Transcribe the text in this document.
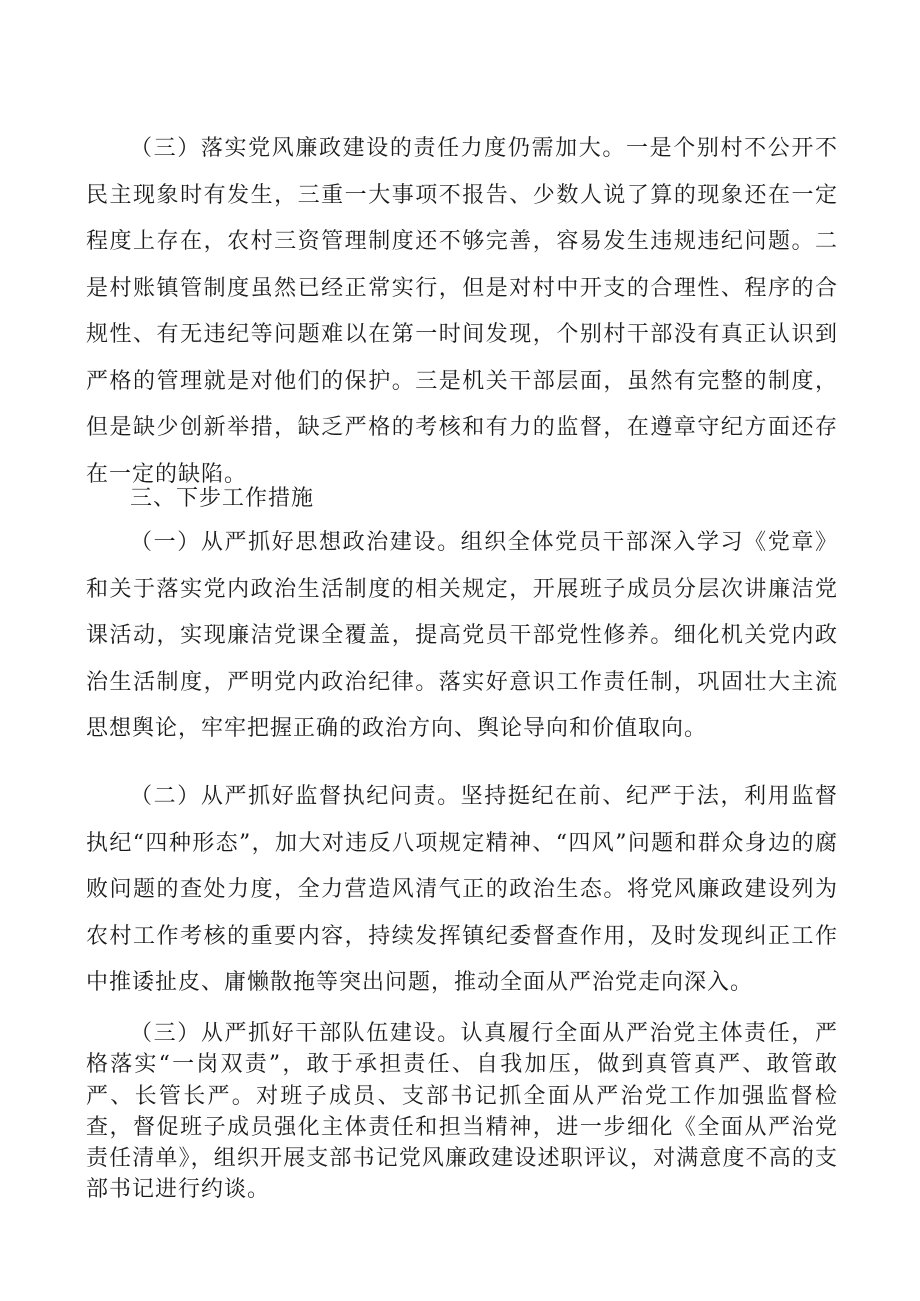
（三）落实党风廉政建设的责任力度仍需加大。一是个别村不公开不民主现象时有发生，三重一大事项不报告、少数人说了算的现象还在一定程度上存在，农村三资管理制度还不够完善，容易发生违规违纪问题。二是村账镇管制度虽然已经正常实行，但是对村中开支的合理性、程序的合规性、有无违纪等问题难以在第一时间发现，个别村干部没有真正认识到严格的管理就是对他们的保护。三是机关干部层面，虽然有完整的制度，但是缺少创新举措，缺乏严格的考核和有力的监督，在遵章守纪方面还存在一定的缺陷。

三、下步工作措施

（一）从严抓好思想政治建设。组织全体党员干部深入学习《党章》和关于落实党内政治生活制度的相关规定，开展班子成员分层次讲廉洁党课活动，实现廉洁党课全覆盖，提高党员干部党性修养。细化机关党内政治生活制度，严明党内政治纪律。落实好意识工作责任制，巩固壮大主流思想舆论，牢牢把握正确的政治方向、舆论导向和价值取向。

（二）从严抓好监督执纪问责。坚持挺纪在前、纪严于法，利用监督执纪“四种形态”，加大对违反八项规定精神、“四风”问题和群众身边的腐败问题的查处力度，全力营造风清气正的政治生态。将党风廉政建设列为农村工作考核的重要内容，持续发挥镇纪委督查作用，及时发现纠正工作中推诿扯皮、庸懒散拖等突出问题，推动全面从严治党走向深入。

（三）从严抓好干部队伍建设。认真履行全面从严治党主体责任，严格落实“一岗双责”，敢于承担责任、自我加压，做到真管真严、敢管敢严、长管长严。对班子成员、支部书记抓全面从严治党工作加强监督检查，督促班子成员强化主体责任和担当精神，进一步细化《全面从严治党责任清单》，组织开展支部书记党风廉政建设述职评议，对满意度不高的支部书记进行约谈。
